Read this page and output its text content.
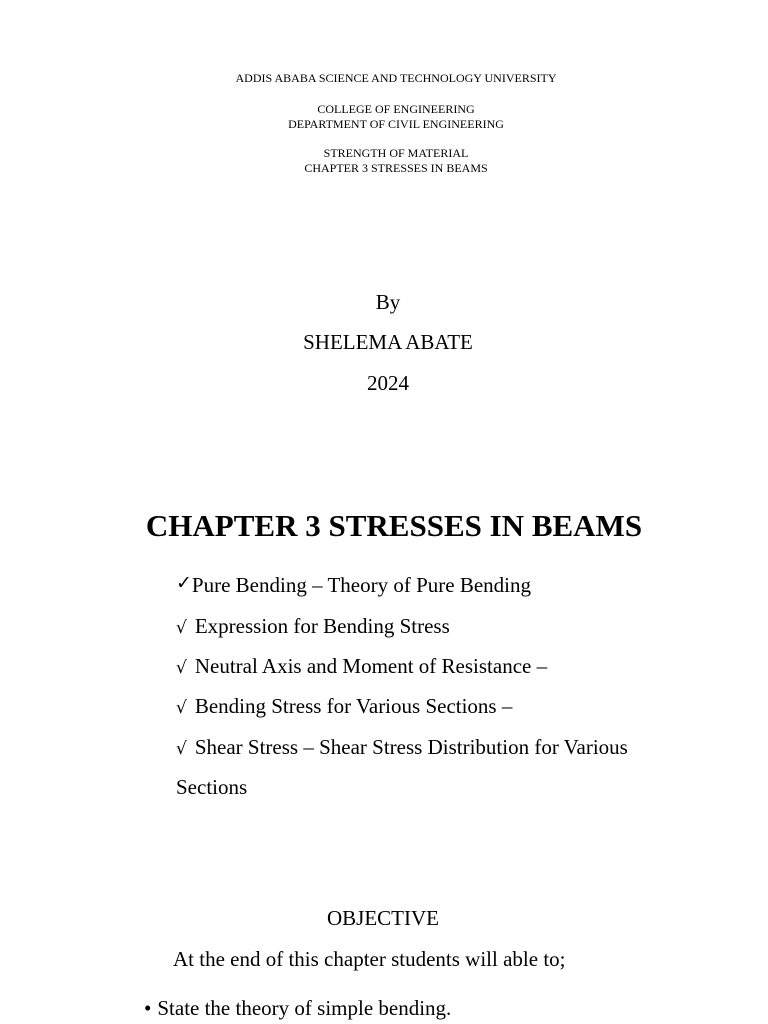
ADDIS ABABA SCIENCE AND TECHNOLOGY UNIVERSITY
COLLEGE OF ENGINEERING
DEPARTMENT OF CIVIL ENGINEERING
STRENGTH OF MATERIAL
CHAPTER 3 STRESSES IN BEAMS
By
SHELEMA ABATE
2024
CHAPTER 3 STRESSES IN BEAMS
✓Pure Bending – Theory of Pure Bending
√ Expression for Bending Stress
√ Neutral Axis and Moment of Resistance –
√ Bending Stress for Various Sections –
√ Shear Stress – Shear Stress Distribution for Various
Sections
OBJECTIVE
At the end of this chapter students will able to;
• State the theory of simple bending.
